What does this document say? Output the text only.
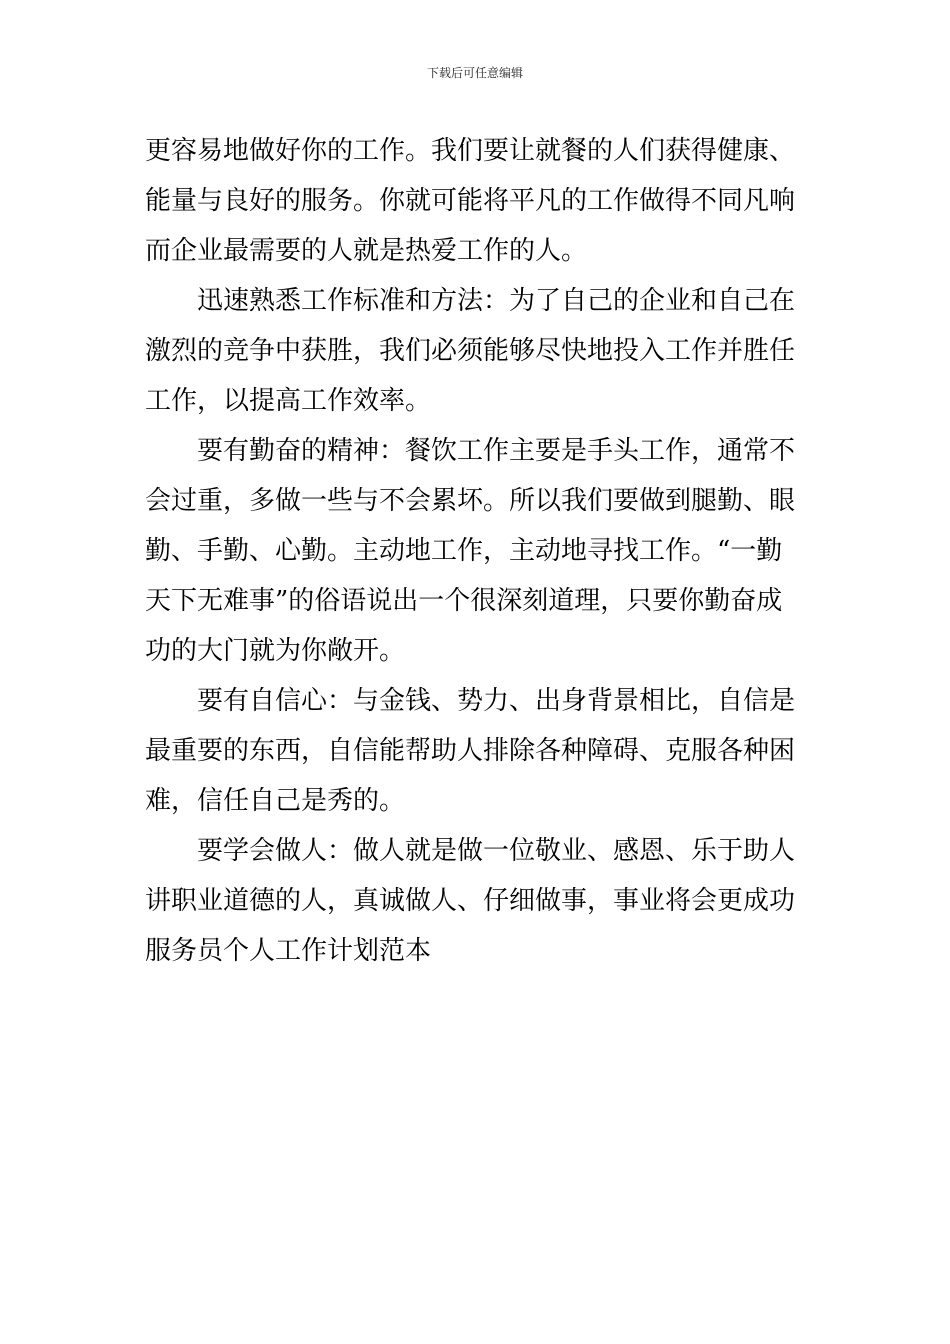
下载后可任意编辑
更容易地做好你的工作。我们要让就餐的人们获得健康、
能量与良好的服务。你就可能将平凡的工作做得不同凡响
而企业最需要的人就是热爱工作的人。
迅速熟悉工作标准和方法：为了自己的企业和自己在
激烈的竞争中获胜，我们必须能够尽快地投入工作并胜任
工作，以提高工作效率。
要有勤奋的精神：餐饮工作主要是手头工作，通常不
会过重，多做一些与不会累坏。所以我们要做到腿勤、眼
勤、手勤、心勤。主动地工作，主动地寻找工作。“一勤
天下无难事”的俗语说出一个很深刻道理，只要你勤奋成
功的大门就为你敞开。
要有自信心：与金钱、势力、出身背景相比，自信是
最重要的东西，自信能帮助人排除各种障碍、克服各种困
难，信任自己是秀的。
要学会做人：做人就是做一位敬业、感恩、乐于助人
讲职业道德的人，真诚做人、仔细做事，事业将会更成功
服务员个人工作计划范本
